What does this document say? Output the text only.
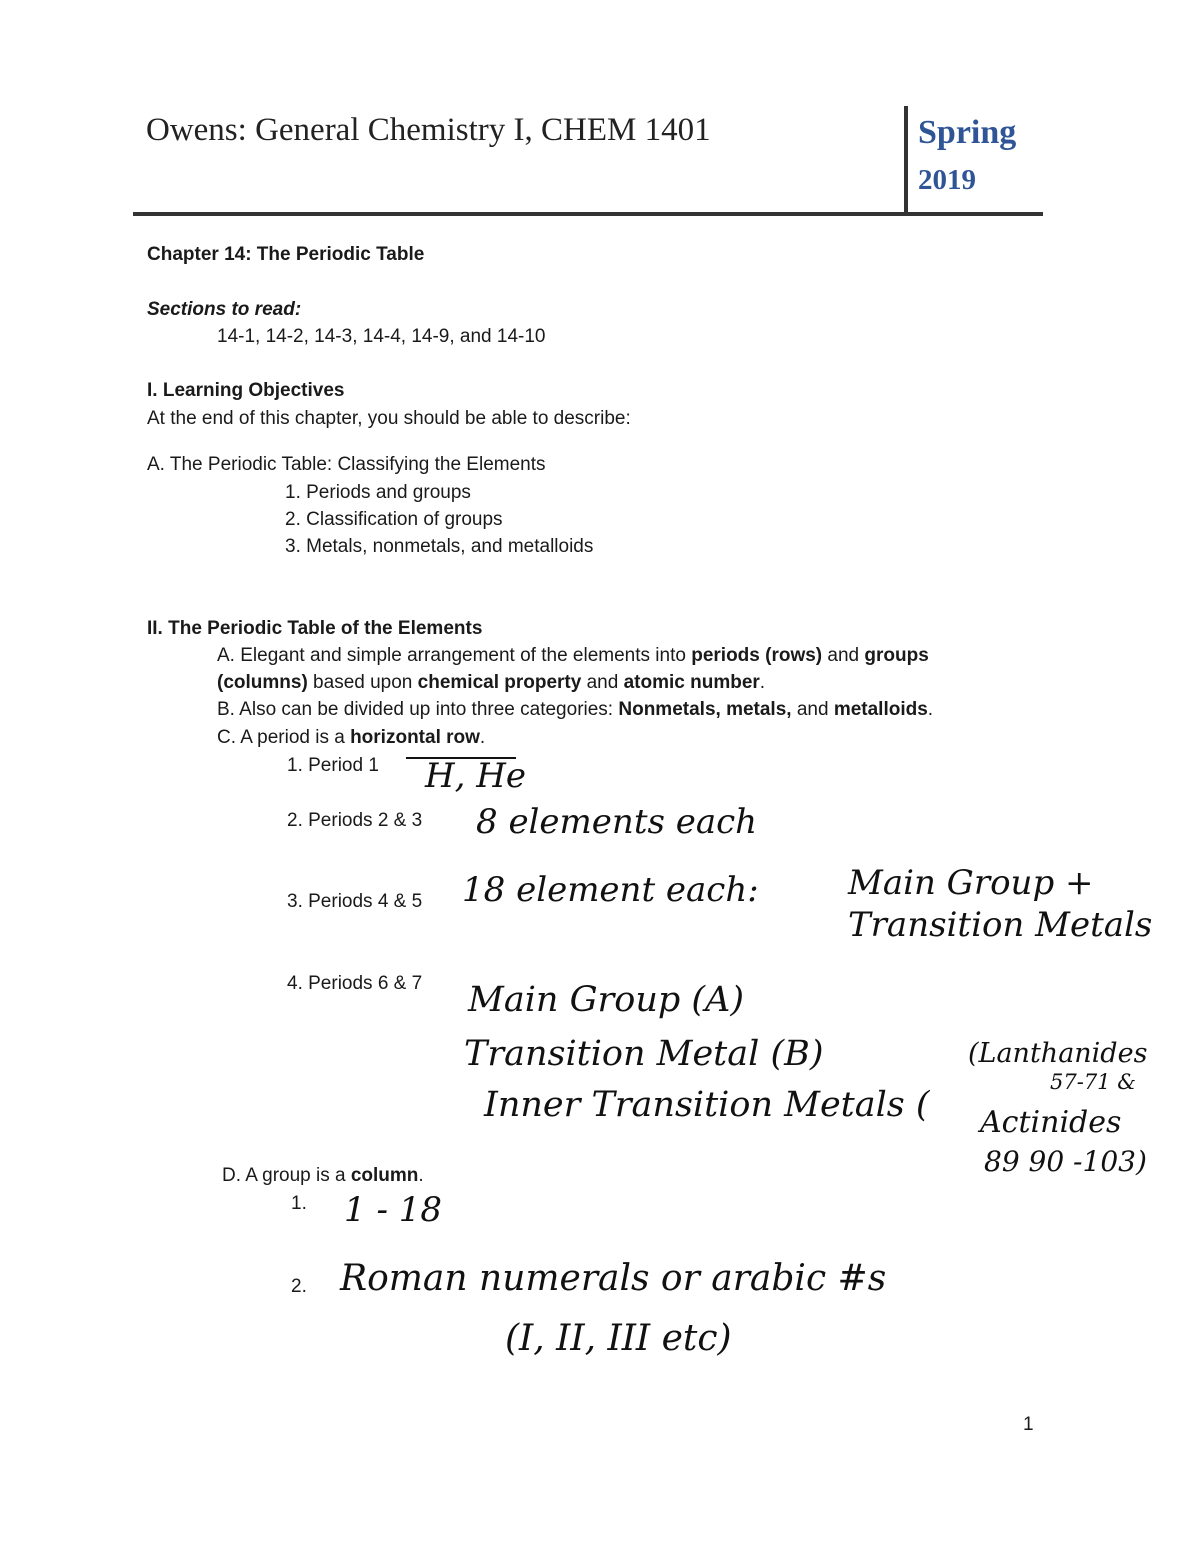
Owens: General Chemistry I, CHEM 1401	Spring
2019
Chapter 14: The Periodic Table
Sections to read:
14-1, 14-2, 14-3, 14-4, 14-9, and 14-10
I. Learning Objectives
At the end of this chapter, you should be able to describe:
A. The Periodic Table: Classifying the Elements
1. Periods and groups
2. Classification of groups
3. Metals, nonmetals, and metalloids
II. The Periodic Table of the Elements
A. Elegant and simple arrangement of the elements into periods (rows) and groups
(columns) based upon chemical property and atomic number.
B. Also can be divided up into three categories: Nonmetals, metals, and metalloids.
C. A period is a horizontal row.
1. Period 1
2. Periods 2 & 3
3. Periods 4 & 5
4. Periods 6 & 7
D. A group is a column.
1.
2.
H, He
8 elements each
18 element each:	Main Group +
Transition Metals
Main Group (A)
Transition Metal (B)
Inner Transition Metals (
(Lanthanides
57-71 &
Actinides
89 90 -103)
1 - 18
Roman numerals or arabic #s
(I, II, III etc)
1
